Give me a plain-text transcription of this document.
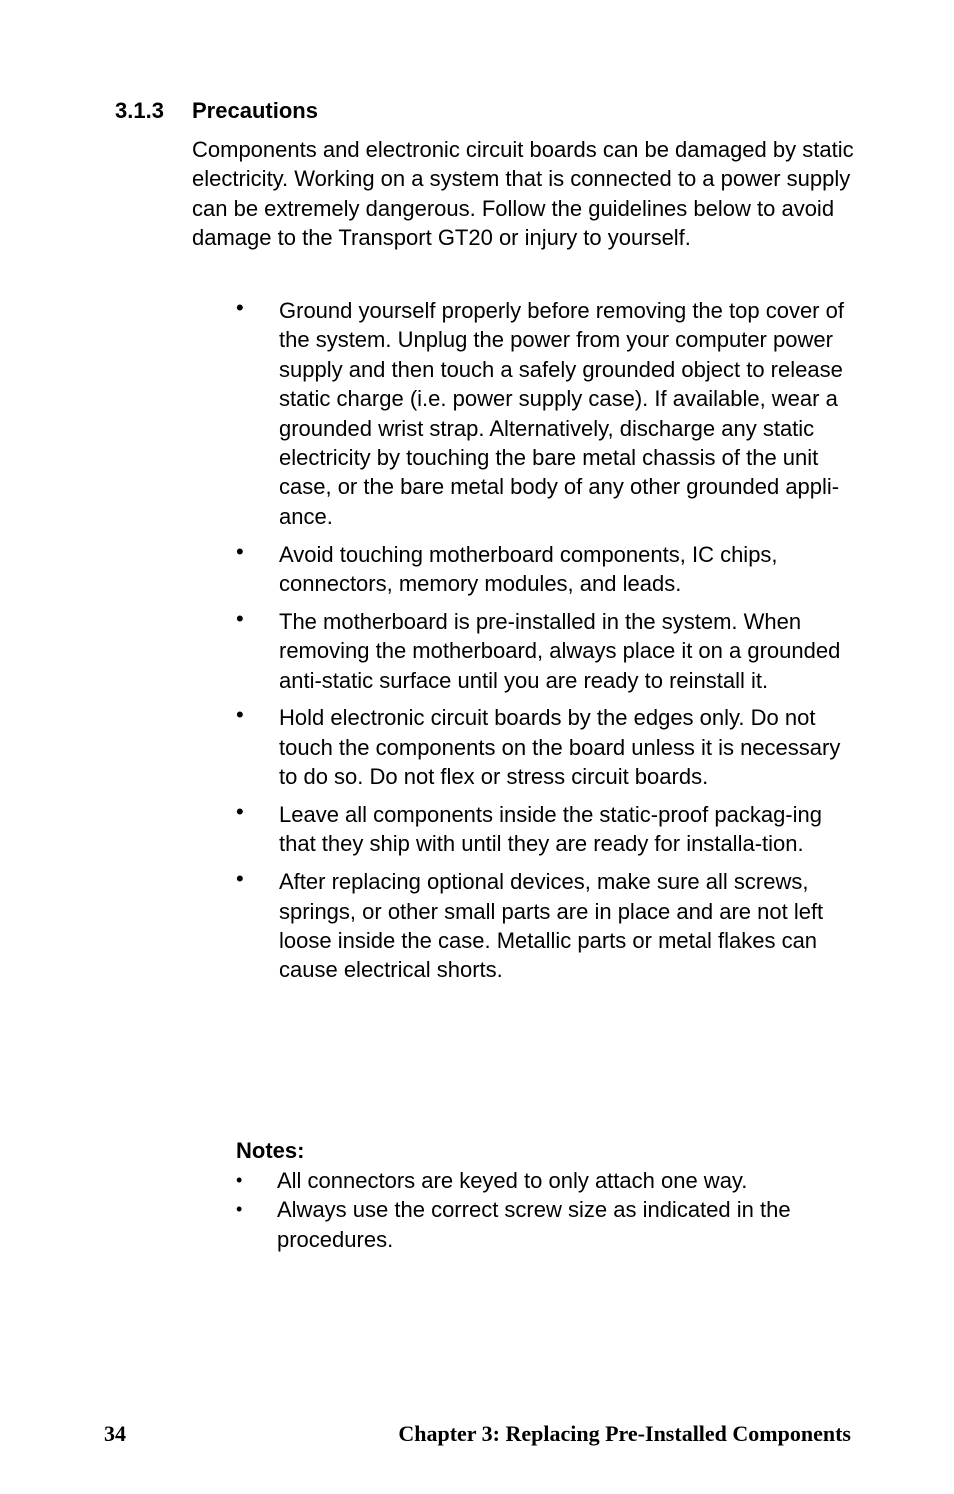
3.1.3 Precautions

Components and electronic circuit boards can be damaged by static electricity. Working on a system that is connected to a power supply can be extremely dangerous. Follow the guidelines below to avoid damage to the Transport GT20 or injury to yourself.

• Ground yourself properly before removing the top cover of the system. Unplug the power from your computer power supply and then touch a safely grounded object to release static charge (i.e. power supply case). If available, wear a grounded wrist strap. Alternatively, discharge any static electricity by touching the bare metal chassis of the unit case, or the bare metal body of any other grounded appli-ance.
• Avoid touching motherboard components, IC chips, connectors, memory modules, and leads.
• The motherboard is pre-installed in the system. When removing the motherboard, always place it on a grounded anti-static surface until you are ready to reinstall it.
• Hold electronic circuit boards by the edges only. Do not touch the components on the board unless it is necessary to do so. Do not flex or stress circuit boards.
• Leave all components inside the static-proof packag-ing that they ship with until they are ready for installa-tion.
• After replacing optional devices, make sure all screws, springs, or other small parts are in place and are not left loose inside the case. Metallic parts or metal flakes can cause electrical shorts.
Notes:
• All connectors are keyed to only attach one way.
• Always use the correct screw size as indicated in the procedures.
34	Chapter 3: Replacing Pre-Installed Components
